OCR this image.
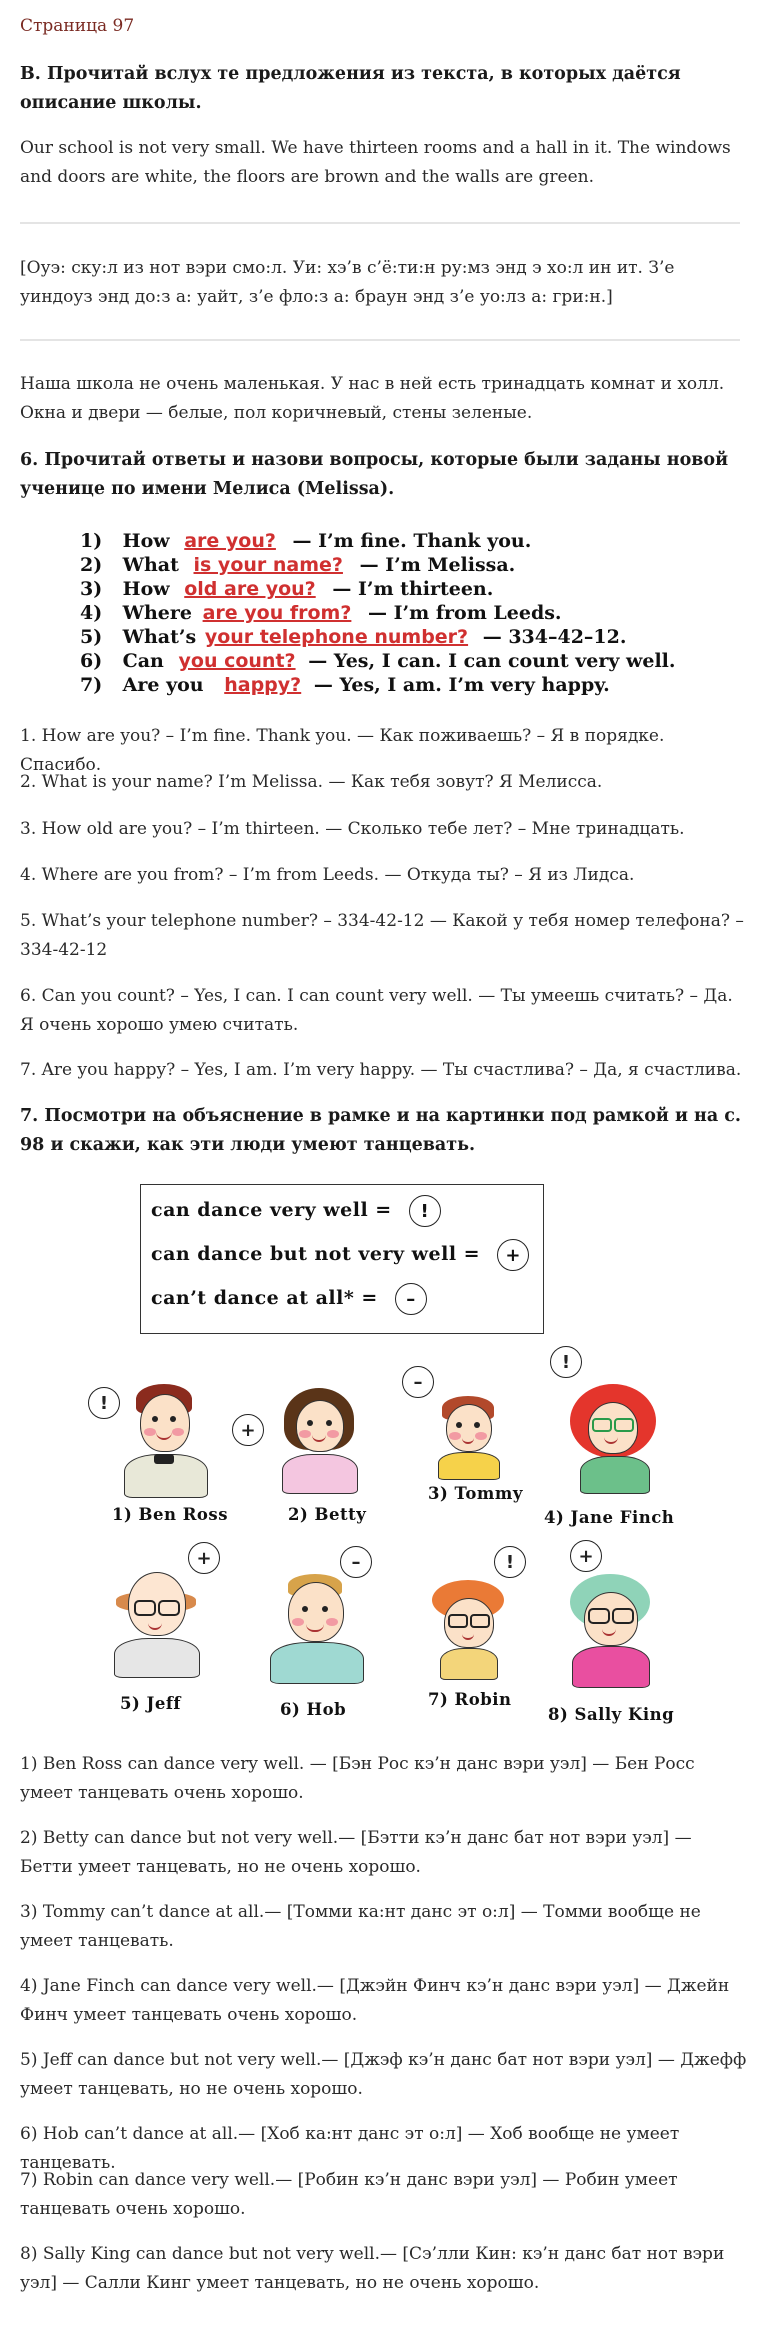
Страница 97
В. Прочитай вслух те предложения из текста, в которых даётся описание школы.
Our school is not very small. We have thirteen rooms and a hall in it. The windows and doors are white, the floors are brown and the walls are green.
[Оуэ: ску:л из нот вэри смо:л. Уи: хэ’в с’ё:ти:н ру:мз энд э хо:л ин ит. З’е уиндоуз энд до:з а: уайт, з’е фло:з а: браун энд з’е уо:лз а: гри:н.]
Наша школа не очень маленькая. У нас в ней есть тринадцать комнат и холл. Окна и двери — белые, пол коричневый, стены зеленые.
6. Прочитай ответы и назови вопросы, которые были заданы новой ученице по имени Мелиса (Melissa).
1) How are you? — I’m fine. Thank you.
2) What is your name? — I’m Melissa.
3) How old are you? — I’m thirteen.
4) Where are you from? — I’m from Leeds.
5) What’s your telephone number? — 334–42–12.
6) Can you count? — Yes, I can. I can count very well.
7) Are you happy? — Yes, I am. I’m very happy.
1. How are you? – I’m fine. Thank you. — Как поживаешь? – Я в порядке. Спасибо.
2. What is your name? I’m Melissa. — Как тебя зовут? Я Мелисса.
3. How old are you? – I’m thirteen. — Сколько тебе лет? – Мне тринадцать.
4. Where are you from? – I’m from Leeds. — Откуда ты? – Я из Лидса.
5. What’s your telephone number? – 334-42-12 — Какой у тебя номер телефона? – 334-42-12
6. Can you count? – Yes, I can. I can count very well. — Ты умеешь считать? – Да. Я очень хорошо умею считать.
7. Are you happy? – Yes, I am. I’m very happy. — Ты счастлива? – Да, я счастлива.
7. Посмотри на объяснение в рамке и на картинки под рамкой и на с. 98 и скажи, как эти люди умеют танцевать.
can dance very well = !
can dance but not very well = +
can’t dance at all* = –
!
1) Ben Ross
+
2) Betty
–
3) Tommy
!
4) Jane Finch
+
5) Jeff
–
6) Hob
!
7) Robin
+
8) Sally King
1) Ben Ross can dance very well. — [Бэн Рос кэ’н данс вэри уэл] — Бен Росс умеет танцевать очень хорошо.
2) Betty can dance but not very well.— [Бэтти кэ’н данс бат нот вэри уэл] — Бетти умеет танцевать, но не очень хорошо.
3) Tommy can’t dance at all.— [Томми ка:нт данс эт о:л] — Томми вообще не умеет танцевать.
4) Jane Finch can dance very well.— [Джэйн Финч кэ’н данс вэри уэл] — Джейн Финч умеет танцевать очень хорошо.
5) Jeff can dance but not very well.— [Джэф кэ’н данс бат нот вэри уэл] — Джефф умеет танцевать, но не очень хорошо.
6) Hob can’t dance at all.— [Хоб ка:нт данс эт о:л] — Хоб вообще не умеет танцевать.
7) Robin can dance very well.— [Робин кэ’н данс вэри уэл] — Робин умеет танцевать очень хорошо.
8) Sally King can dance but not very well.— [Сэ’лли Кин: кэ’н данс бат нот вэри уэл] — Салли Кинг умеет танцевать, но не очень хорошо.
